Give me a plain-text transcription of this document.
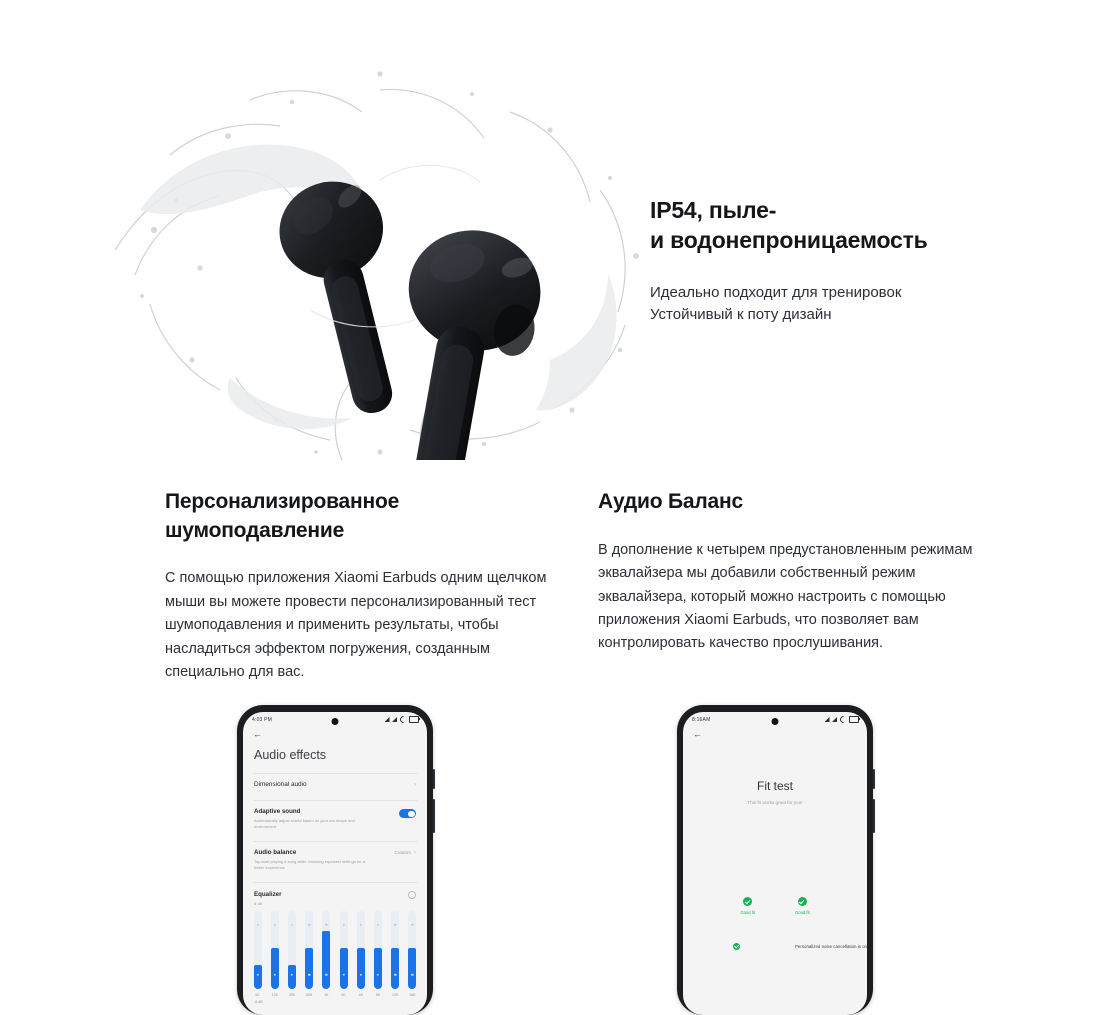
IP54, пыле-
и водонепроницаемость

Идеально подходит для тренировок
Устойчивый к поту дизайн

Персонализированное
шумоподавление

С помощью приложения Xiaomi Earbuds одним щелчком мыши вы можете провести персонализированный тест шумоподавления и применить результаты, чтобы насладиться эффектом погружения, созданным специально для вас.

Аудио Баланс

В дополнение к четырем предустановленным режимам эквалайзера мы добавили собственный режим эквалайзера, который можно настроить с помощью приложения Xiaomi Earbuds, что позволяет вам контролировать качество прослушивания.

4:03 PM
←
Audio effects
Dimensional audio	›
Adaptive sound
Automatically adjust sound based on your ear shape and environment
Audio balance
Tap start playing a song while choosing equalizer settings for a better experience
Custom ›
Equalizer
6 dB
62	125	250	500	1K	2K	4K	8K	12K	16K
-6 dB
8:16AM
←
Fit test
This fit works great for you!
Good fit	Good fit
Personalized noise cancellation is on
